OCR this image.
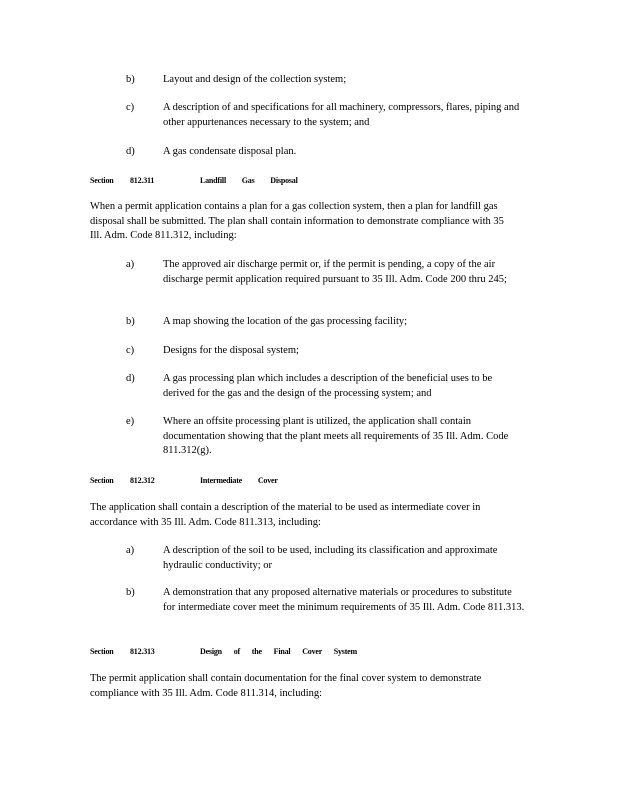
b)	Layout and design of the collection system;
c)	A description of and specifications for all machinery, compressors, flares, piping and other appurtenances necessary to the system; and
d)	A gas condensate disposal plan.
Section 812.311	Landfill Gas Disposal
When a permit application contains a plan for a gas collection system, then a plan for landfill gas disposal shall be submitted. The plan shall contain information to demonstrate compliance with 35 Ill. Adm. Code 811.312, including:
a)	The approved air discharge permit or, if the permit is pending, a copy of the air discharge permit application required pursuant to 35 Ill. Adm. Code 200 thru 245;
b)	A map showing the location of the gas processing facility;
c)	Designs for the disposal system;
d)	A gas processing plan which includes a description of the beneficial uses to be derived for the gas and the design of the processing system; and
e)	Where an offsite processing plant is utilized, the application shall contain documentation showing that the plant meets all requirements of 35 Ill. Adm. Code 811.312(g).
Section 812.312	Intermediate Cover
The application shall contain a description of the material to be used as intermediate cover in accordance with 35 Ill. Adm. Code 811.313, including:
a)	A description of the soil to be used, including its classification and approximate hydraulic conductivity; or
b)	A demonstration that any proposed alternative materials or procedures to substitute for intermediate cover meet the minimum requirements of 35 Ill. Adm. Code 811.313.
Section 812.313	Design of the Final Cover System
The permit application shall contain documentation for the final cover system to demonstrate compliance with 35 Ill. Adm. Code 811.314, including:
